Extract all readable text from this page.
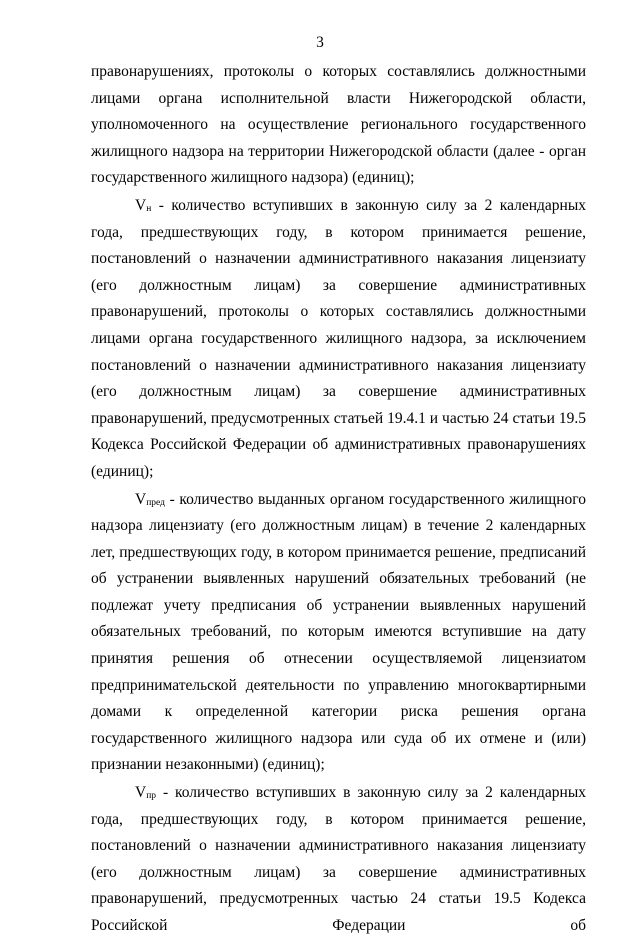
3

правонарушениях, протоколы о которых составлялись должностными лицами органа исполнительной власти Нижегородской области, уполномоченного на осуществление регионального государственного жилищного надзора на территории Нижегородской области (далее - орган государственного жилищного надзора) (единиц);

$V_н$ - количество вступивших в законную силу за 2 календарных года, предшествующих году, в котором принимается решение, постановлений о назначении административного наказания лицензиату (его должностным лицам) за совершение административных правонарушений, протоколы о которых составлялись должностными лицами органа государственного жилищного надзора, за исключением постановлений о назначении административного наказания лицензиату (его должностным лицам) за совершение административных правонарушений, предусмотренных статьей 19.4.1 и частью 24 статьи 19.5 Кодекса Российской Федерации об административных правонарушениях (единиц);

$V_{пред}$ - количество выданных органом государственного жилищного надзора лицензиату (его должностным лицам) в течение 2 календарных лет, предшествующих году, в котором принимается решение, предписаний об устранении выявленных нарушений обязательных требований (не подлежат учету предписания об устранении выявленных нарушений обязательных требований, по которым имеются вступившие на дату принятия решения об отнесении осуществляемой лицензиатом предпринимательской деятельности по управлению многоквартирными домами к определенной категории риска решения органа государственного жилищного надзора или суда об их отмене и (или) признании незаконными) (единиц);

$V_{пр}$ - количество вступивших в законную силу за 2 календарных года, предшествующих году, в котором принимается решение, постановлений о назначении административного наказания лицензиату (его должностным лицам) за совершение административных правонарушений, предусмотренных частью 24 статьи 19.5 Кодекса Российской Федерации об
